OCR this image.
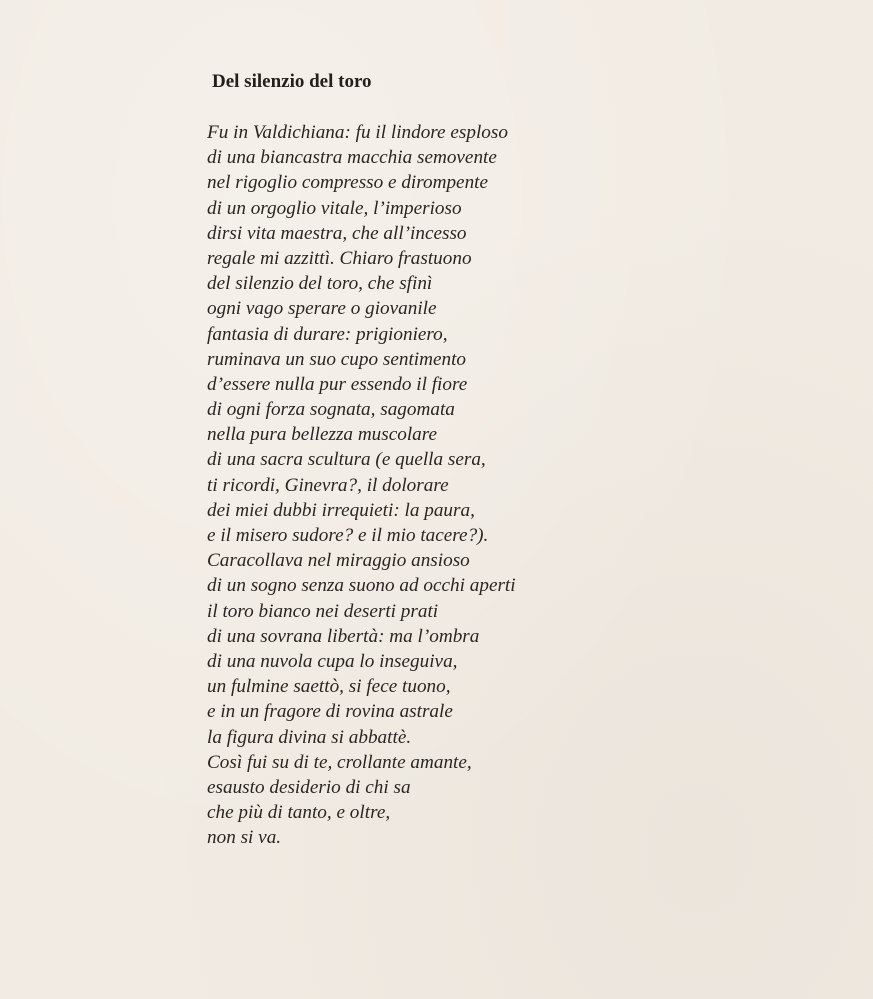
Del silenzio del toro
Fu in Valdichiana: fu il lindore esploso
di una biancastra macchia semovente
nel rigoglio compresso e dirompente
di un orgoglio vitale, l’imperioso
dirsi vita maestra, che all’incesso
regale mi azzittì. Chiaro frastuono
del silenzio del toro, che sfinì
ogni vago sperare o giovanile
fantasia di durare: prigioniero,
ruminava un suo cupo sentimento
d’essere nulla pur essendo il fiore
di ogni forza sognata, sagomata
nella pura bellezza muscolare
di una sacra scultura (e quella sera,
ti ricordi, Ginevra?, il dolorare
dei miei dubbi irrequieti: la paura,
e il misero sudore? e il mio tacere?).
Caracollava nel miraggio ansioso
di un sogno senza suono ad occhi aperti
il toro bianco nei deserti prati
di una sovrana libertà: ma l’ombra
di una nuvola cupa lo inseguiva,
un fulmine saettò, si fece tuono,
e in un fragore di rovina astrale
la figura divina si abbattè.
Così fui su di te, crollante amante,
esausto desiderio di chi sa
che più di tanto, e oltre,
non si va.
